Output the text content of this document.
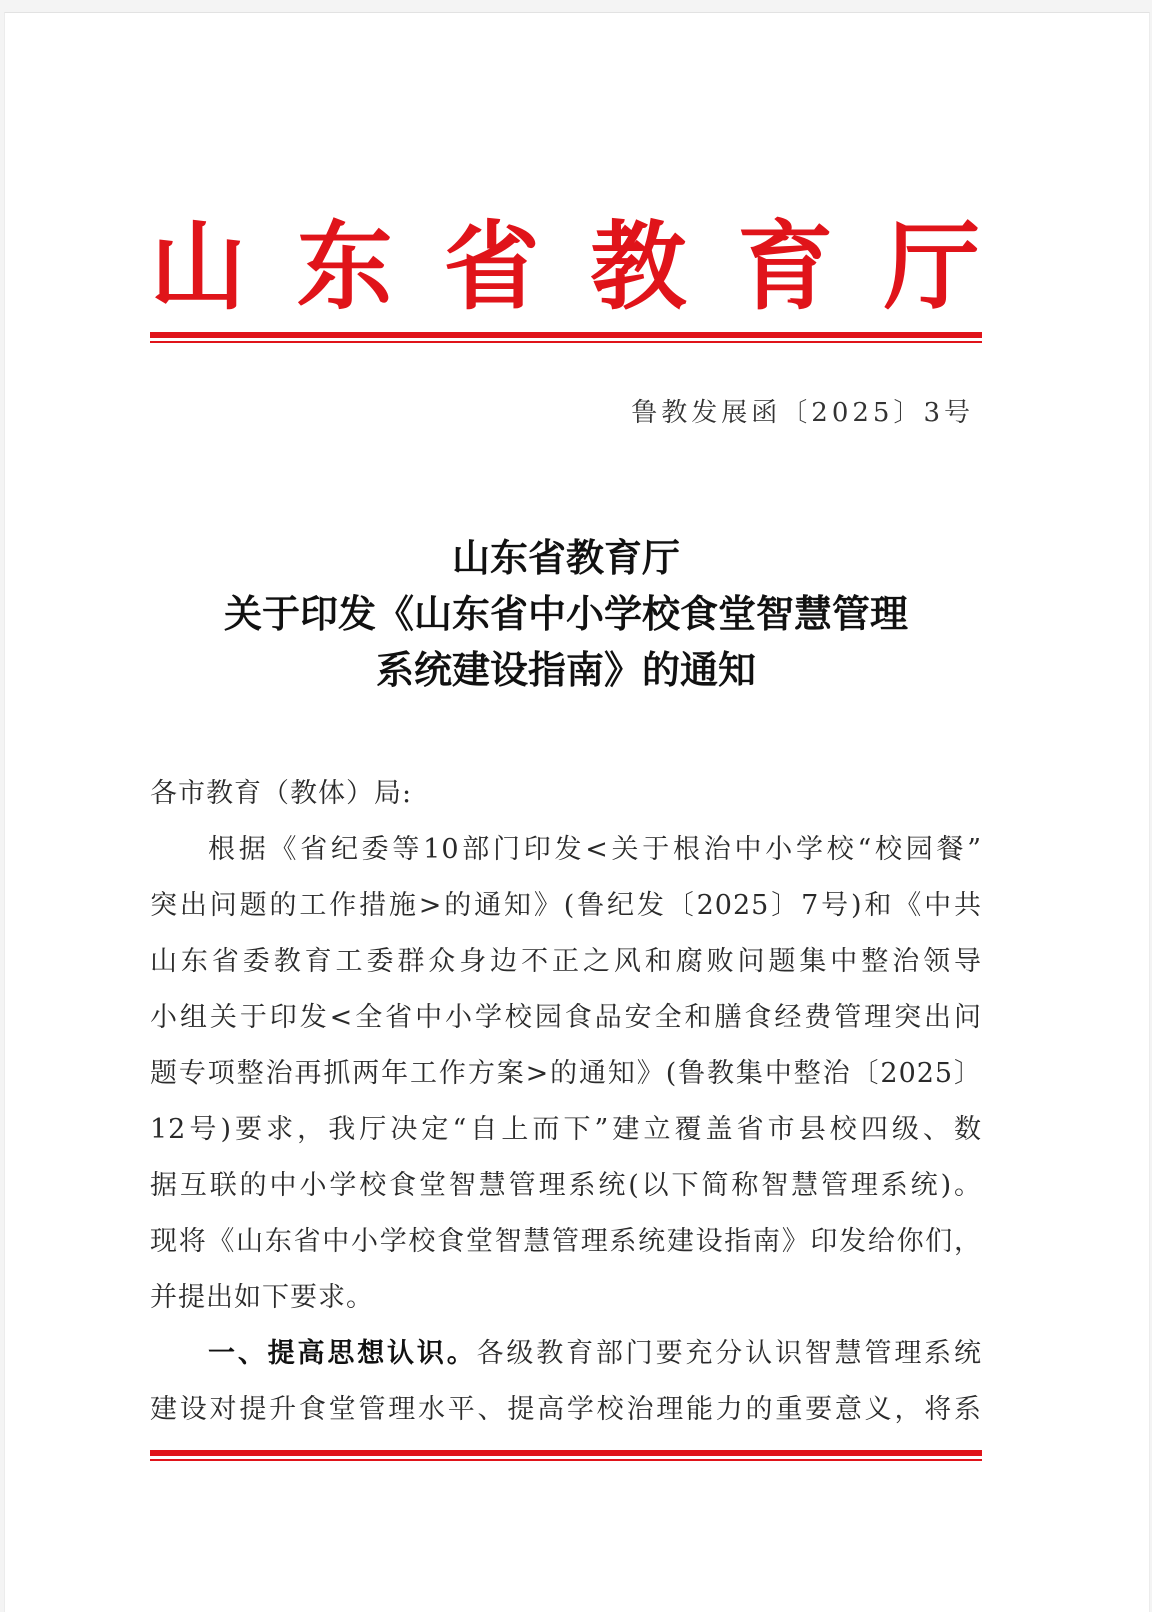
山 东 省 教 育 厅
鲁教发展函〔2025〕3号
山东省教育厅
关于印发《山东省中小学校食堂智慧管理
系统建设指南》的通知
各市教育（教体）局:
根据《省纪委等10部门印发<关于根治中小学校“校园餐”
突出问题的工作措施>的通知》(鲁纪发〔2025〕7号)和《中共
山东省委教育工委群众身边不正之风和腐败问题集中整治领导
小组关于印发<全省中小学校园食品安全和膳食经费管理突出问
题专项整治再抓两年工作方案>的通知》(鲁教集中整治〔2025〕
12号)要求，我厅决定“自上而下”建立覆盖省市县校四级、数
据互联的中小学校食堂智慧管理系统(以下简称智慧管理系统)。
现将《山东省中小学校食堂智慧管理系统建设指南》印发给你们，
并提出如下要求。
一、提高思想认识。各级教育部门要充分认识智慧管理系统
建设对提升食堂管理水平、提高学校治理能力的重要意义，将系
